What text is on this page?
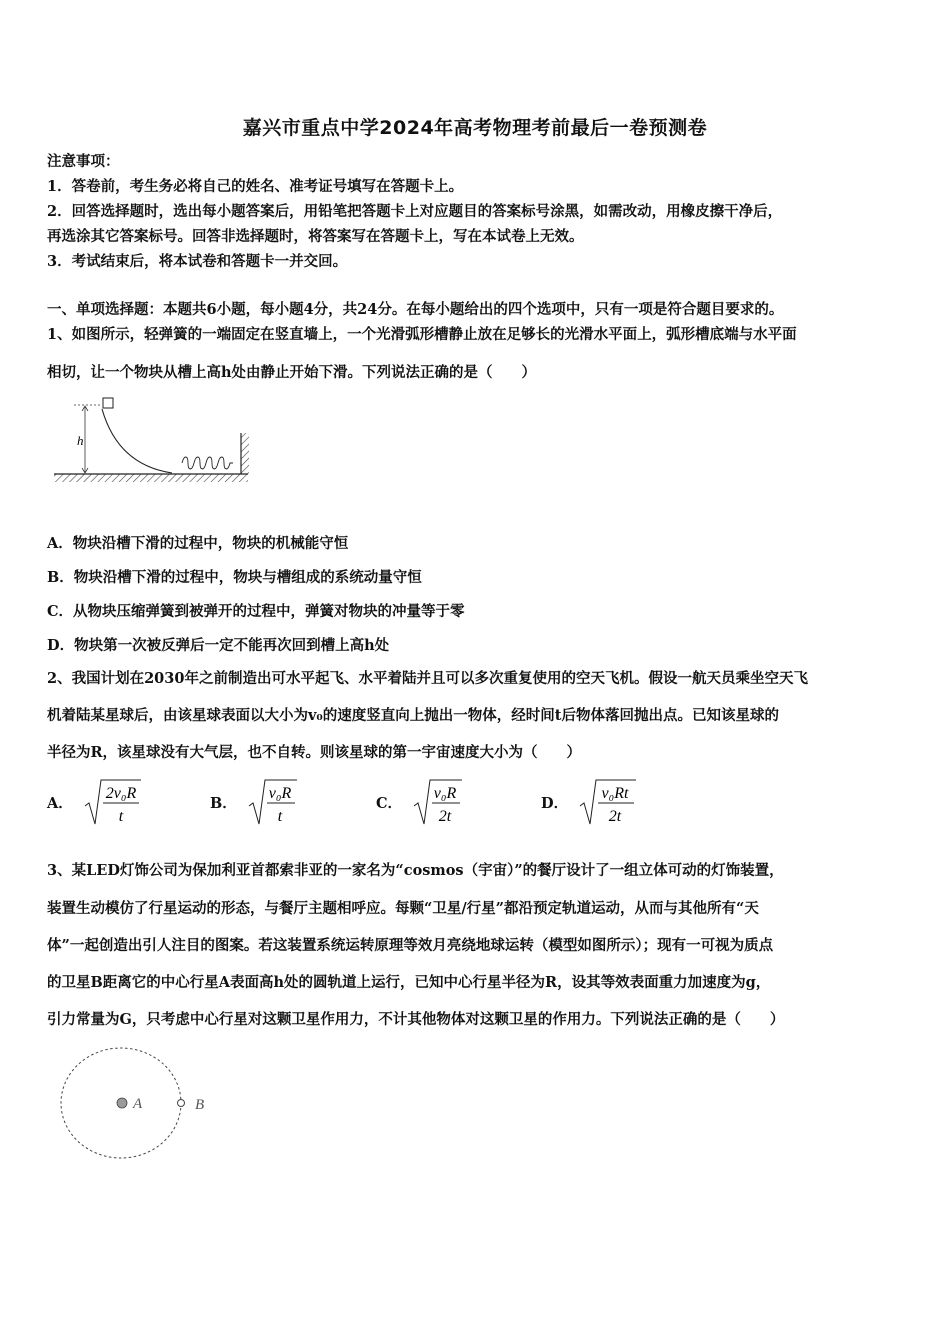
嘉兴市重点中学2024年高考物理考前最后一卷预测卷
注意事项：
1．答卷前，考生务必将自己的姓名、准考证号填写在答题卡上。
2．回答选择题时，选出每小题答案后，用铅笔把答题卡上对应题目的答案标号涂黑，如需改动，用橡皮擦干净后，
再选涂其它答案标号。回答非选择题时，将答案写在答题卡上，写在本试卷上无效。
3．考试结束后，将本试卷和答题卡一并交回。
一、单项选择题：本题共6小题，每小题4分，共24分。在每小题给出的四个选项中，只有一项是符合题目要求的。
1、如图所示，轻弹簧的一端固定在竖直墙上，一个光滑弧形槽静止放在足够长的光滑水平面上，弧形槽底端与水平面
相切，让一个物块从槽上高h处由静止开始下滑。下列说法正确的是（　　）
h
A．物块沿槽下滑的过程中，物块的机械能守恒
B．物块沿槽下滑的过程中，物块与槽组成的系统动量守恒
C．从物块压缩弹簧到被弹开的过程中，弹簧对物块的冲量等于零
D．物块第一次被反弹后一定不能再次回到槽上高h处
2、我国计划在2030年之前制造出可水平起飞、水平着陆并且可以多次重复使用的空天飞机。假设一航天员乘坐空天飞
机着陆某星球后，由该星球表面以大小为v₀的速度竖直向上抛出一物体，经时间t后物体落回抛出点。已知该星球的
半径为R，该星球没有大气层，也不自转。则该星球的第一宇宙速度大小为（　　）
A．
2v₀R
t
B．
v₀R
t
C．
v₀R
2t
D．
v₀Rt
2t
3、某LED灯饰公司为保加利亚首都索非亚的一家名为“cosmos（宇宙）”的餐厅设计了一组立体可动的灯饰装置，
装置生动模仿了行星运动的形态，与餐厅主题相呼应。每颗“卫星/行星”都沿预定轨道运动，从而与其他所有“天
体”一起创造出引人注目的图案。若这装置系统运转原理等效月亮绕地球运转（模型如图所示）；现有一可视为质点
的卫星B距离它的中心行星A表面高h处的圆轨道上运行，已知中心行星半径为R，设其等效表面重力加速度为g，
引力常量为G，只考虑中心行星对这颗卫星作用力，不计其他物体对这颗卫星的作用力。下列说法正确的是（　　）
A	B
